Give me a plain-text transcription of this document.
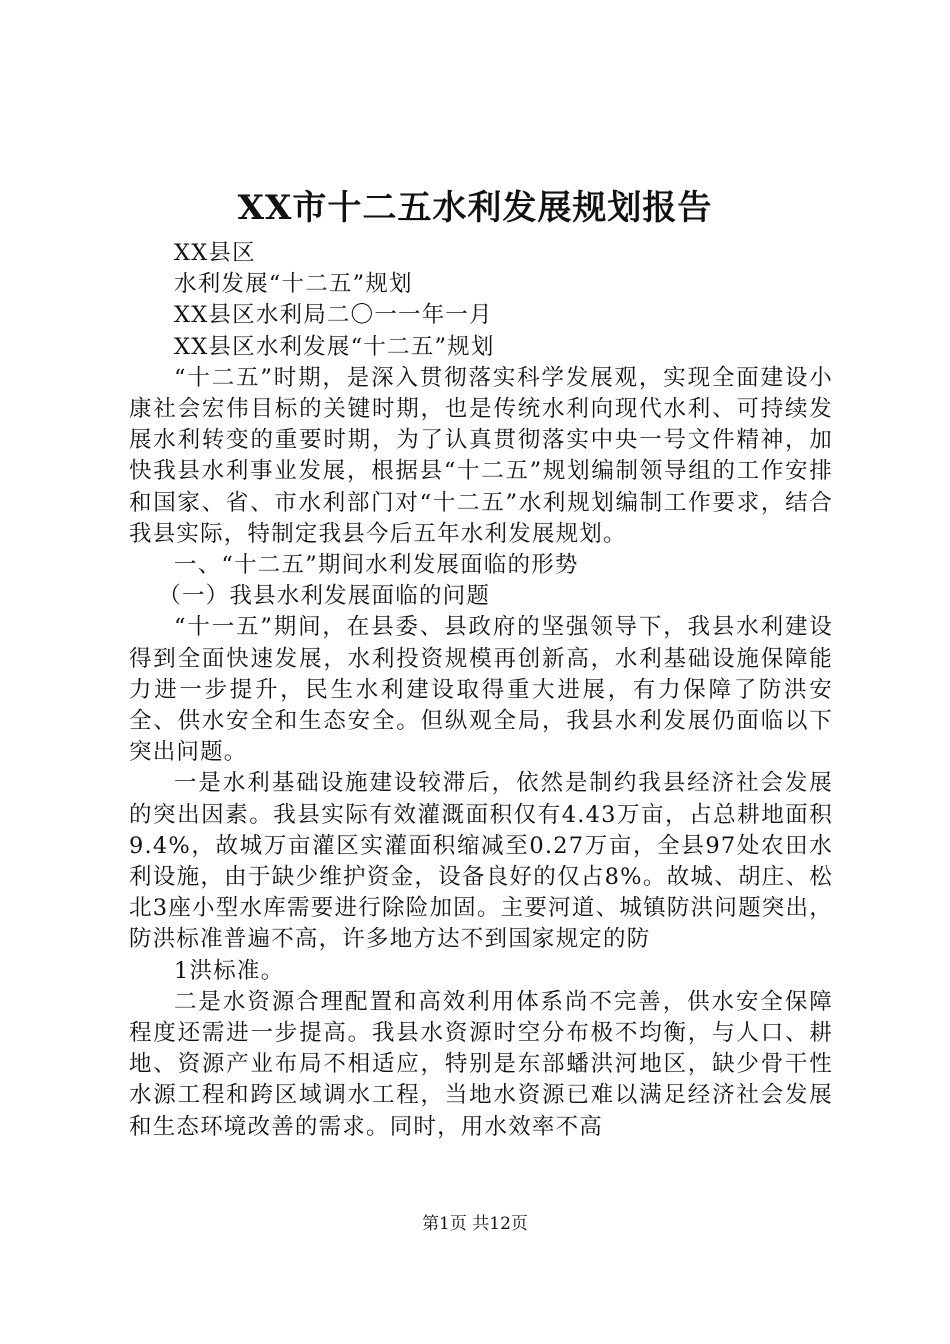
XX市十二五水利发展规划报告

XX县区

水利发展“十二五”规划

XX县区水利局二〇一一年一月

XX县区水利发展“十二五”规划

“十二五”时期，是深入贯彻落实科学发展观，实现全面建设小康社会宏伟目标的关键时期，也是传统水利向现代水利、可持续发展水利转变的重要时期，为了认真贯彻落实中央一号文件精神，加快我县水利事业发展，根据县“十二五”规划编制领导组的工作安排和国家、省、市水利部门对“十二五”水利规划编制工作要求，结合我县实际，特制定我县今后五年水利发展规划。

一、“十二五”期间水利发展面临的形势

（一）我县水利发展面临的问题

“十一五”期间，在县委、县政府的坚强领导下，我县水利建设得到全面快速发展，水利投资规模再创新高，水利基础设施保障能力进一步提升，民生水利建设取得重大进展，有力保障了防洪安全、供水安全和生态安全。但纵观全局，我县水利发展仍面临以下突出问题。

一是水利基础设施建设较滞后，依然是制约我县经济社会发展的突出因素。我县实际有效灌溉面积仅有4.43万亩，占总耕地面积9.4%，故城万亩灌区实灌面积缩减至0.27万亩，全县97处农田水利设施，由于缺少维护资金，设备良好的仅占8%。故城、胡庄、松北3座小型水库需要进行除险加固。主要河道、城镇防洪问题突出，防洪标准普遍不高，许多地方达不到国家规定的防

1洪标准。

二是水资源合理配置和高效利用体系尚不完善，供水安全保障程度还需进一步提高。我县水资源时空分布极不均衡，与人口、耕地、资源产业布局不相适应，特别是东部蟠洪河地区，缺少骨干性水源工程和跨区域调水工程，当地水资源已难以满足经济社会发展和生态环境改善的需求。同时，用水效率不高

第1页 共12页
